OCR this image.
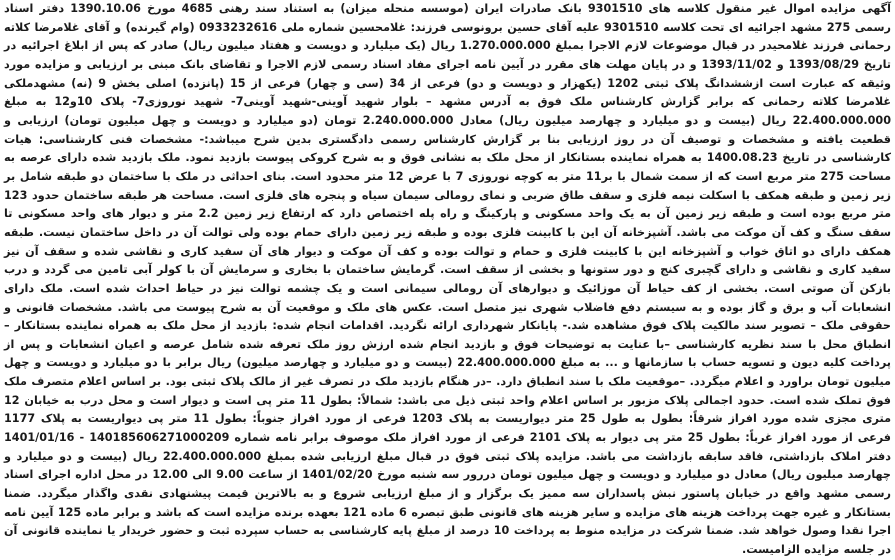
آگهی مزایده اموال غیر منقول کلاسه های 9301510 بانک صادرات ایران (موسسه منحله میزان) به استناد سند رهنی 4685 مورخ 1390.10.06 دفتر اسناد رسمی 275 مشهد اجرائیه ای تحت کلاسه 9301510 علیه آقای حسین برونوسی فرزند: غلامحسین شماره ملی 0933232616 (وام گیرنده) و آقای غلامرضا کلاته رحمانی فرزند غلامحیدر در قبال موضوعات لازم الاجرا بمبلغ 1.270.000.000 ریال (یک میلیارد و دویست و هفتاد میلیون ریال) صادر که پس از ابلاغ اجرائیه در تاریخ 1393/08/29 و 1393/11/02 و در پایان مهلت های مقرر در آیین نامه اجرای مفاد اسناد رسمی لازم الاجرا و تقاضای بانک مبنی بر ارزیابی و مزایده مورد وثیقه که عبارت است ازششدانگ پلاک ثبتی 1202 (یکهزار و دویست و دو) فرعی از 34 (سی و چهار) فرعی از 15 (پانزده) اصلی بخش 9 (نه) مشهدملکی غلامرضا کلاته رحمانی که برابر گزارش کارشناس ملک فوق به آدرس مشهد – بلوار شهید آوینی-شهید آوینی7- شهید نوروزی7- پلاک 10و12 به مبلغ 22.400.000.000 ریال (بیست و دو میلیارد و چهارصد میلیون ریال) معادل 2.240.000.000 تومان (دو میلیارد و دویست و چهل میلیون تومان) ارزیابی و قطعیت یافته و مشخصات و توصیف آن در روز ارزیابی بنا بر گزارش کارشناس رسمی دادگستری بدین شرح میباشد:- مشخصات فنی کارشناسی: هیات کارشناسی در تاریخ 1400.08.23 به همراه نماینده بستانکار از محل ملک به نشانی فوق و به شرح کروکی پیوست بازدید نمود. ملک بازدید شده دارای عرصه به مساحت 275 متر مربع است که از سمت شمال با بر11 متر به کوچه نوروزی 7 با عرض 12 متر محدود است. بنای احداثی در ملک با ساختمان دو طبقه شامل بر زیر زمین و طبقه همکف با اسکلت نیمه فلزی و سقف طاق ضربی و نمای رومالی سیمان سیاه و پنجره های فلزی است. مساحت هر طبقه ساختمان حدود 123 متر مربع بوده است و طبقه زیر زمین آن به یک واحد مسکونی و پارکینگ و راه پله اختصاص دارد که ارتفاع زیر زمین 2.2 متر و دیوار های واحد مسکونی تا سقف سنگ و کف آن موکت می باشد. آشپزخانه آن این با کابینت فلزی بوده و طبقه زیر زمین دارای حمام بوده ولی توالت آن در داخل ساختمان نیست. طبقه همکف دارای دو اتاق خواب و آشپزخانه این با کابینت فلزی و حمام و توالت بوده و کف آن موکت و دیوار های آن سفید کاری و نقاشی شده و سقف آن نیز سفید کاری و نقاشی و دارای گچبری کنج و دور ستونها و بخشی از سقف است. گرمایش ساختمان با بخاری و سرمایش آن با کولر آبی تامین می گردد و درب بازکن آن صوتی است. بخشی از کف حیاط آن موزائیک و دیوارهای آن رومالی سیمانی است و یک چشمه توالت نیز در حیاط احداث شده است. ملک دارای انشعابات آب و برق و گاز بوده و به سیستم دفع فاضلاب شهری نیز متصل است. عکس های ملک و موقعیت آن به شرح پیوست می باشد. مشخصات قانونی و حقوقی ملک – تصویر سند مالکیت پلاک فوق مشاهده شد.- پایانکار شهرداری ارائه نگردید. اقدامات انجام شده: بازدید از محل ملک به همراه نماینده بستانکار – انطباق محل با سند نظریه کارشناسی –با عنایت به توضیحات فوق و بازدید انجام شده ارزش روز ملک تعرفه شده شامل عرصه و اعیان انشعابات و پس از پرداخت کلیه دیون و تسویه حساب با سازمانها و ... به مبلغ 22.400.000.000 (بیست و دو میلیارد و چهارصد میلیون) ریال برابر با دو میلیارد و دویست و چهل میلیون تومان براورد و اعلام میگردد. –موقعیت ملک با سند انطباق دارد. –در هنگام بازدید ملک در تصرف غیر از مالک پلاک ثبتی بود. بر اساس اعلام متصرف ملک فوق تملک شده است. حدود اجمالی پلاک مزبور بر اساس اعلام واحد ثبتی ذیل می باشد: شمالاً: بطول 11 متر پی است و دیوار است و محل درب به خیابان 12 متری مجزی شده مورد افراز شرقاً: بطول به طول 25 متر دیواریست به پلاک 1203 فرعی از مورد افراز جنوباً: بطول 11 متر پی دیواریست به پلاک 1177 فرعی از مورد افراز غرباً: بطول 25 متر پی دیوار به پلاک 2101 فرعی از مورد افراز ملک موصوف برابر نامه شماره 140185606271000209 - 1401/01/16 دفتر املاک بازداشتی، فاقد سابقه بازداشت می باشد. مزایده پلاک ثبتی فوق در قبال مبلغ ارزیابی شده بمبلغ 22.400.000.000 ریال (بیست و دو میلیارد و چهارصد میلیون ریال) معادل دو میلیارد و دویست و چهل میلیون تومان دررور سه شنبه مورخ 1401/02/20 از ساعت 9.00 الی 12.00 در محل اداره اجرای اسناد رسمی مشهد واقع در خیابان پاستور نبش پاسداران سه ممیز یک برگزار و از مبلغ ارزیابی شروع و به بالاترین قیمت پیشنهادی نقدی واگذار میگردد. ضمنا بستانکار و غیره جهت پرداخت هزینه های مزایده و سایر هزینه های قانونی طبق تبصره 6 ماده 121 بعهده برنده مزایده است که باشد و برابر ماده 125 آیین نامه اجرا نقدا وصول خواهد شد. ضمنا شرکت در مزایده منوط به پرداخت 10 درصد از مبلغ پایه کارشناسی به حساب سپرده ثبت و حضور خریدار یا نماینده قانونی آن در جلسه مزایده الزامیست.
